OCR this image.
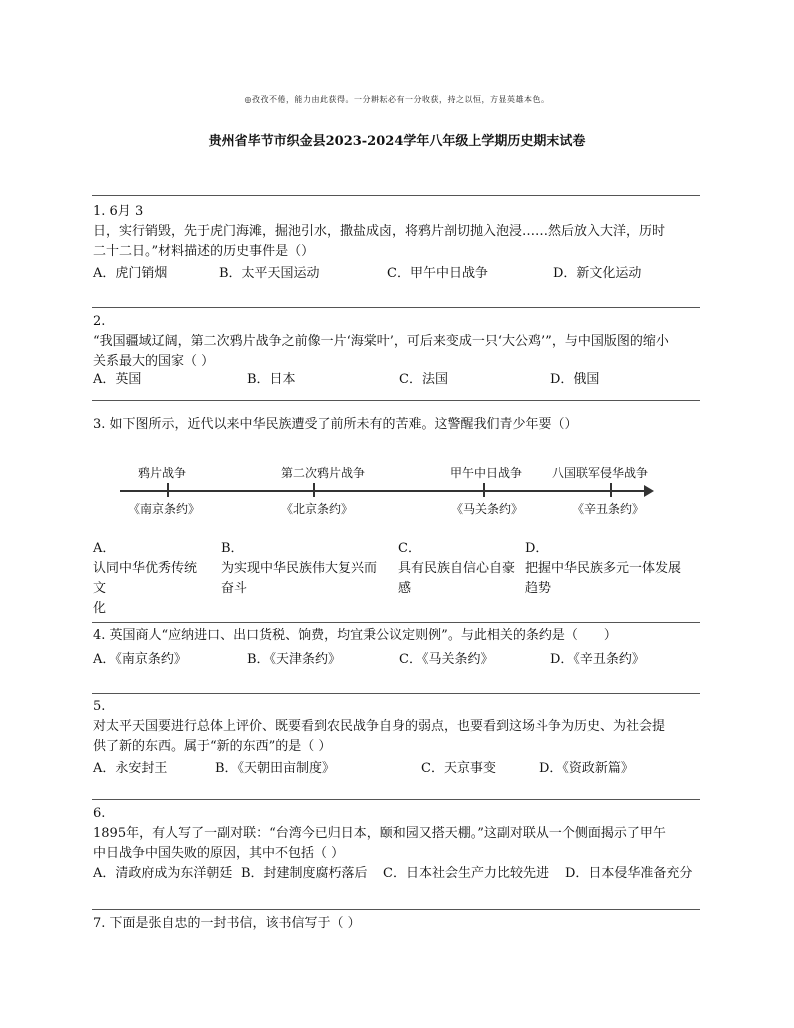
◎孜孜不倦，能力由此获得。一分耕耘必有一分收获，持之以恒，方显英雄本色。
贵州省毕节市织金县2023-2024学年八年级上学期历史期末试卷

1. 6月 3

日，实行销毁，先于虎门海滩，掘池引水，撒盐成卤，将鸦片剖切抛入泡浸……然后放入大洋，历时

二十二日。”材料描述的历史事件是（）

A．虎门销烟	B．太平天国运动	C．甲午中日战争	D．新文化运动

2.

“我国疆域辽阔，第二次鸦片战争之前像一片‘海棠叶’，可后来变成一只‘大公鸡’”，与中国版图的缩小

关系最大的国家（ ）

A．英国	B．日本	C．法国	D．俄国

3. 如下图所示，近代以来中华民族遭受了前所未有的苦难。这警醒我们青少年要（）

鸦片战争	第二次鸦片战争	甲午中日战争 八国联军侵华战争
《南京条约》	《北京条约》	《马关条约》	《辛丑条约》
A．
认同中华优秀传统文
化
B．
为实现中华民族伟大复兴而
奋斗
C．
具有民族自信心自豪
感
D．
把握中华民族多元一体发展
趋势

4. 英国商人“应纳进口、出口货税、饷费，均宜秉公议定则例”。与此相关的条约是（　　）

A．《南京条约》	B．《天津条约》	C．《马关条约》	D．《辛丑条约》

5.

对太平天国要进行总体上评价、既要看到农民战争自身的弱点，也要看到这场斗争为历史、为社会提

供了新的东西。属于“新的东西”的是（ ）

A．永安封王	B．《天朝田亩制度》	C．天京事变	D．《资政新篇》

6.

1895年，有人写了一副对联：“台湾今已归日本，颐和园又搭天棚。”这副对联从一个侧面揭示了甲午

中日战争中国失败的原因，其中不包括（ ）

A．清政府成为东洋朝廷 B．封建制度腐朽落后 C．日本社会生产力比较先进 D．日本侵华准备充分

7. 下面是张自忠的一封书信，该书信写于（ ）
